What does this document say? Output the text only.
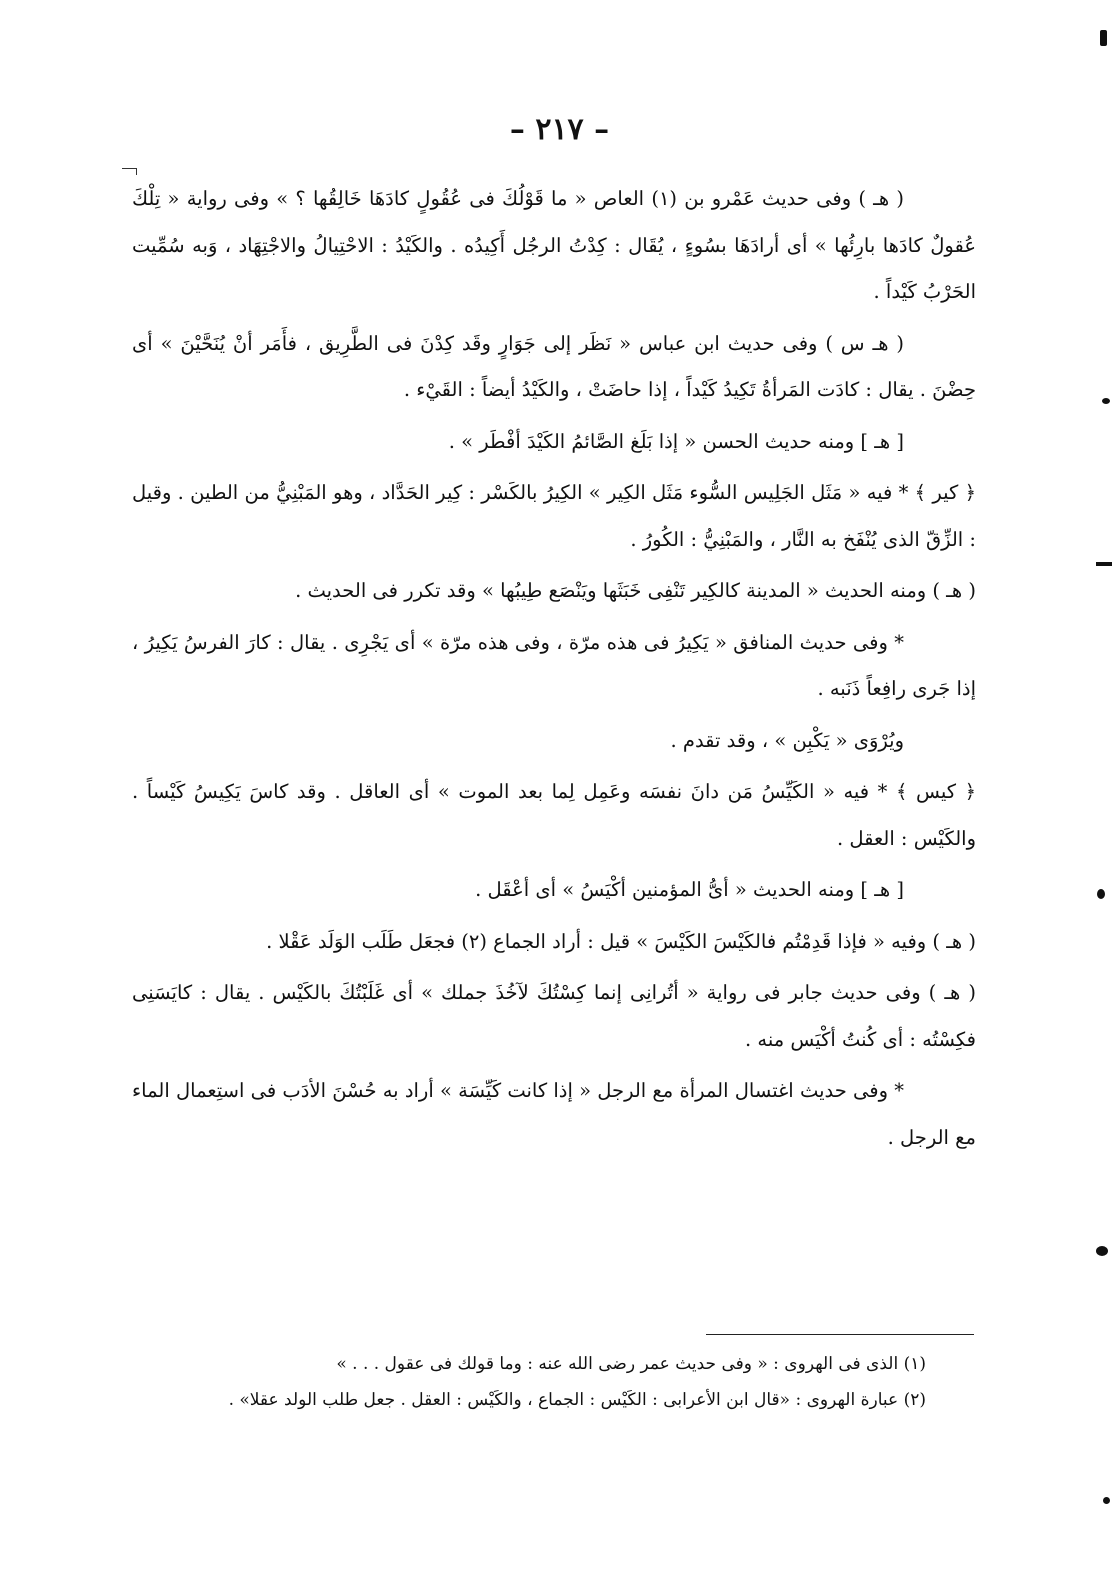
– ٢١٧ –

( هـ ) وفى حديث عَمْرو بن (١) العاص « ما قَوْلُكَ فى عُقُولٍ كادَهَا خَالِقُها ؟ » وفى رواية « تِلْكَ عُقولٌ كادَها بارِئُها » أى أرادَهَا بسُوءٍ ، يُقَال : كِدْتُ الرجُل أَكِيدُه . والكَيْدُ : الاحْتِيالُ والاجْتِهَاد ، وَبه سُمِّيت الحَرْبُ كَيْداً .

( هـ س ) وفى حديث ابن عباس « نَظَر إلى جَوَارٍ وقَد كِدْنَ فى الطَّرِيق ، فأَمَر أنْ يُنَحَّيْنَ » أى حِضْنَ . يقال : كادَت المَرأةُ تَكِيدُ كَيْداً ، إذا حاضَتْ ، والكَيْدُ أيضاً : القَيْء .

[ هـ ] ومنه حديث الحسن « إذا بَلَغ الصَّائمُ الكَيْدَ أفْطَر » .

﴿ كير ﴾ * فيه « مَثَل الجَلِيس السُّوء مَثَل الكِير » الكِيرُ بالكَسْر : كِير الحَدَّاد ، وهو المَبْنِيُّ من الطين . وقيل : الزِّقّ الذى يُنْفَخ به النَّار ، والمَبْنِيُّ : الكُورُ .

( هـ ) ومنه الحديث « المدينة كالكِير تَنْفِى خَبَثَها ويَنْصَع طِيبُها » وقد تكرر فى الحديث .

* وفى حديث المنافق « يَكِيرُ فى هذه مرّة ، وفى هذه مرّة » أى يَجْرِى . يقال : كارَ الفرسُ يَكِيرُ ، إذا جَرى رافِعاً ذَنَبه .

ويُرْوَى « يَكْبِن » ، وقد تقدم .

﴿ كيس ﴾ * فيه « الكَيِّسُ مَن دانَ نفسَه وعَمِل لِما بعد الموت » أى العاقل . وقد كاسَ يَكِيسُ كَيْساً . والكَيْس : العقل .

[ هـ ] ومنه الحديث « أىُّ المؤمنين أكْيَسُ » أى أعْقَل .

( هـ ) وفيه « فإذا قَدِمْتُم فالكَيْسَ الكَيْسَ » قيل : أراد الجماع (٢) فجعَل طَلَب الوَلَد عَقْلا .

( هـ ) وفى حديث جابر فى رواية « أتُرانِى إنما كِسْتُكَ لآخُذَ جملك » أى غَلَبْتُكَ بالكَيْس . يقال : كايَسَنِى فكِسْتُه : أى كُنتُ أكْيَس منه .

* وفى حديث اغتسال المرأة مع الرجل « إذا كانت كَيِّسَة » أراد به حُسْنَ الأدَب فى استِعمال الماء مع الرجل .

(١) الذى فى الهروى : « وفى حديث عمر رضى الله عنه : وما قولك فى عقول . . . »
(٢) عبارة الهروى : «قال ابن الأعرابى : الكَيْس : الجماع ، والكَيْس : العقل . جعل طلب الولد عقلا» .
